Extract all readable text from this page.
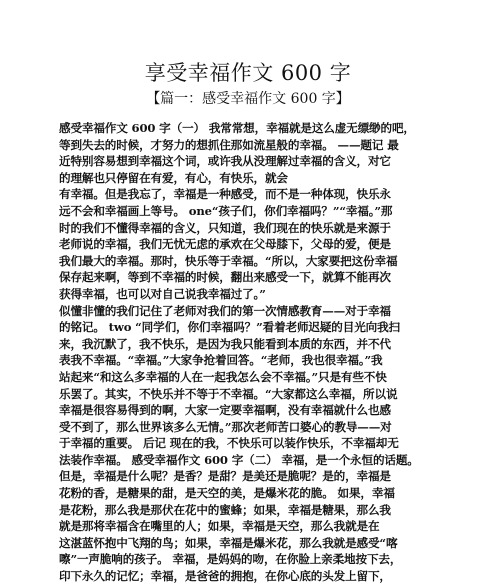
享受幸福作文 600 字
【篇一：感受幸福作文 600 字】
感受幸福作文 600 字（一） 我常常想，幸福就是这么虚无缥缈的吧，
等到失去的时候，才努力的想抓住那如流星般的幸福。 ——题记 最
近特别容易想到幸福这个词，或许我从没理解过幸福的含义，对它
的理解也只停留在有爱，有心，有快乐，就会
有幸福。但是我忘了，幸福是一种感受，而不是一种体现，快乐永
远不会和幸福画上等号。 one“孩子们，你们幸福吗？”“幸福。”那
时的我们不懂得幸福的含义，只知道，我们现在的快乐就是来源于
老师说的幸福，我们无忧无虑的承欢在父母膝下，父母的爱，便是
我们最大的幸福。那时，快乐等于幸福。“所以，大家要把这份幸福
保存起来啊，等到不幸福的时候，翻出来感受一下，就算不能再次
获得幸福，也可以对自己说我幸福过了。”
似懂非懂的我们记住了老师对我们的第一次情感教育——对于幸福
的铭记。 two “同学们，你们幸福吗？”看着老师迟疑的目光向我扫
来，我沉默了，我不快乐，是因为我只能看到本质的东西，并不代
表我不幸福。“幸福。”大家争抢着回答。“老师，我也很幸福。”我
站起来“和这么多幸福的人在一起我怎么会不幸福。”只是有些不快
乐罢了。其实，不快乐并不等于不幸福。“大家都这么幸福，所以说
幸福是很容易得到的啊，大家一定要幸福啊，没有幸福就什么也感
受不到了，那么世界该多么无情。”那次老师苦口婆心的教导——对
于幸福的重要。 后记 现在的我，不快乐可以装作快乐，不幸福却无
法装作幸福。 感受幸福作文 600 字（二） 幸福，是一个永恒的话题。
但是，幸福是什么呢？是香？是甜？是美还是脆呢？是的，幸福是
花粉的香，是糖果的甜，是天空的美，是爆米花的脆。 如果，幸福
是花粉，那么我是那伏在花中的蜜蜂；如果，幸福是糖果，那么我
就是那将幸福含在嘴里的人；如果，幸福是天空，那么我就是在
这湛蓝怀抱中飞翔的鸟；如果，幸福是爆米花，那么我就是感受“喀
嚓”一声脆响的孩子。 幸福，是妈妈的吻，在你脸上亲柔地按下去，
印下永久的记忆；幸福，是爸爸的拥抱，在你心底的头发上留下，
